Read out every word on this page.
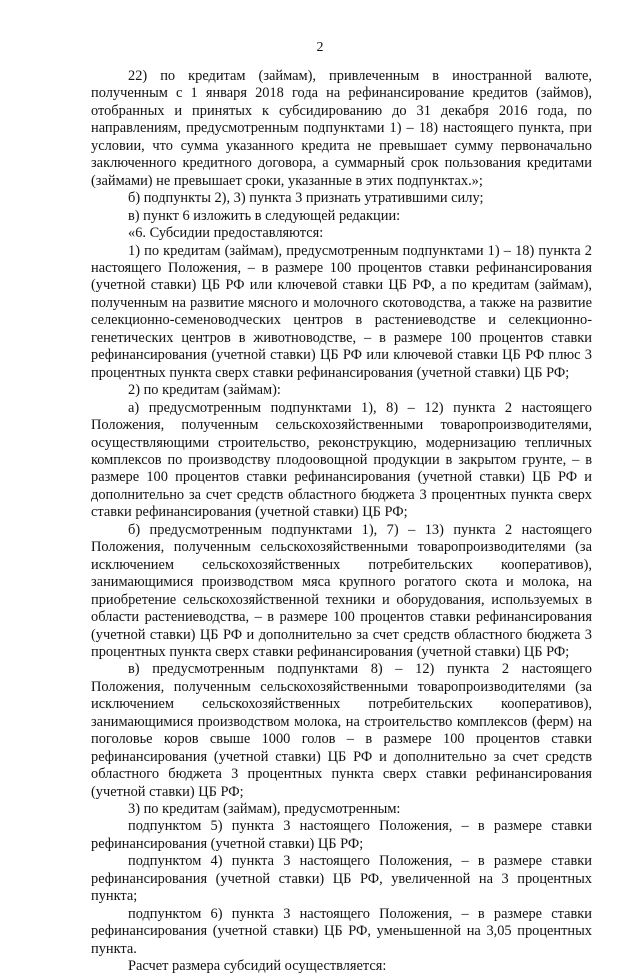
2

22) по кредитам (займам), привлеченным в иностранной валюте, полученным с 1 января 2018 года на рефинансирование кредитов (займов), отобранных и принятых к субсидированию до 31 декабря 2016 года, по направлениям, предусмотренным подпунктами 1) – 18) настоящего пункта, при условии, что сумма указанного кредита не превышает сумму первоначально заключенного кредитного договора, а суммарный срок пользования кредитами (займами) не превышает сроки, указанные в этих подпунктах.»;

б) подпункты 2), 3) пункта 3 признать утратившими силу;

в) пункт 6 изложить в следующей редакции:

«6. Субсидии предоставляются:

1) по кредитам (займам), предусмотренным подпунктами 1) – 18) пункта 2 настоящего Положения, – в размере 100 процентов ставки рефинансирования (учетной ставки) ЦБ РФ или ключевой ставки ЦБ РФ, а по кредитам (займам), полученным на развитие мясного и молочного скотоводства, а также на развитие селекционно-семеноводческих центров в растениеводстве и селекционно-генетических центров в животноводстве, – в размере 100 процентов ставки рефинансирования (учетной ставки) ЦБ РФ или ключевой ставки ЦБ РФ плюс 3 процентных пункта сверх ставки рефинансирования (учетной ставки) ЦБ РФ;

2) по кредитам (займам):

а) предусмотренным подпунктами 1), 8) – 12) пункта 2 настоящего Положения, полученным сельскохозяйственными товаропроизводителями, осуществляющими строительство, реконструкцию, модернизацию тепличных комплексов по производству плодоовощной продукции в закрытом грунте, – в размере 100 процентов ставки рефинансирования (учетной ставки) ЦБ РФ и дополнительно за счет средств областного бюджета 3 процентных пункта сверх ставки рефинансирования (учетной ставки) ЦБ РФ;

б) предусмотренным подпунктами 1), 7) – 13) пункта 2 настоящего Положения, полученным сельскохозяйственными товаропроизводителями (за исключением сельскохозяйственных потребительских кооперативов), занимающимися производством мяса крупного рогатого скота и молока, на приобретение сельскохозяйственной техники и оборудования, используемых в области растениеводства, – в размере 100 процентов ставки рефинансирования (учетной ставки) ЦБ РФ и дополнительно за счет средств областного бюджета 3 процентных пункта сверх ставки рефинансирования (учетной ставки) ЦБ РФ;

в) предусмотренным подпунктами 8) – 12) пункта 2 настоящего Положения, полученным сельскохозяйственными товаропроизводителями (за исключением сельскохозяйственных потребительских кооперативов), занимающимися производством молока, на строительство комплексов (ферм) на поголовье коров свыше 1000 голов – в размере 100 процентов ставки рефинансирования (учетной ставки) ЦБ РФ и дополнительно за счет средств областного бюджета 3 процентных пункта сверх ставки рефинансирования (учетной ставки) ЦБ РФ;

3) по кредитам (займам), предусмотренным:

подпунктом 5) пункта 3 настоящего Положения, – в размере ставки рефинансирования (учетной ставки) ЦБ РФ;

подпунктом 4) пункта 3 настоящего Положения, – в размере ставки рефинансирования (учетной ставки) ЦБ РФ, увеличенной на 3 процентных пункта;

подпунктом 6) пункта 3 настоящего Положения, – в размере ставки рефинансирования (учетной ставки) ЦБ РФ, уменьшенной на 3,05 процентных пункта.

Расчет размера субсидий осуществляется:
